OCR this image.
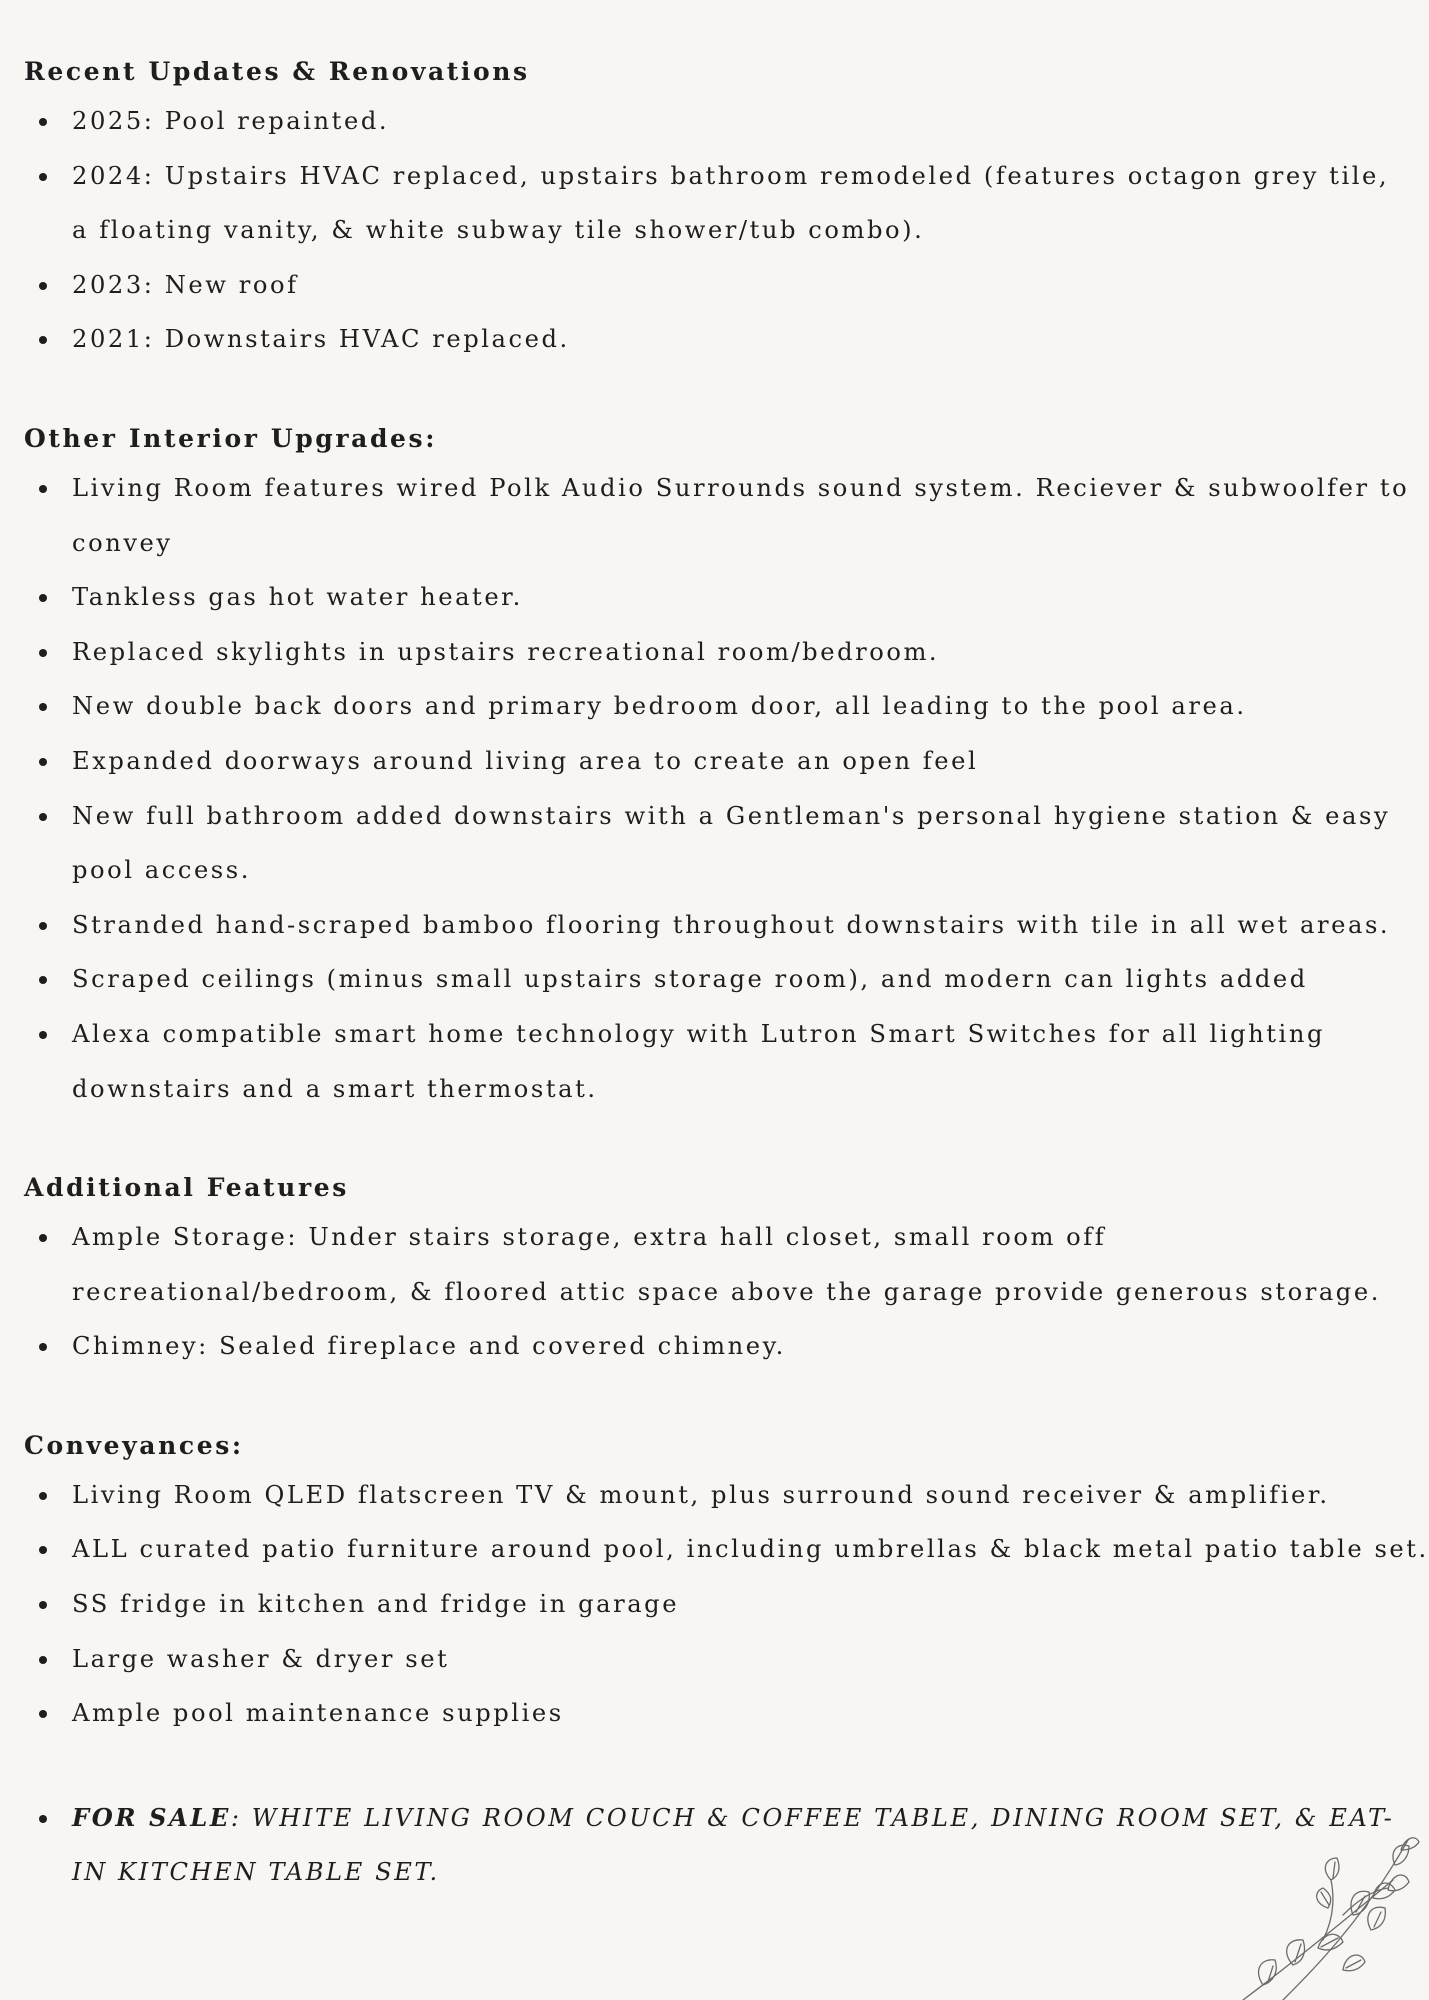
Recent Updates & Renovations
2025: Pool repainted.
2024: Upstairs HVAC replaced, upstairs bathroom remodeled (features octagon grey tile, a floating vanity, & white subway tile shower/tub combo).
2023: New roof
2021: Downstairs HVAC replaced.
Other Interior Upgrades:
Living Room features wired Polk Audio Surrounds sound system. Reciever & subwoolfer to convey
Tankless gas hot water heater.
Replaced skylights in upstairs recreational room/bedroom.
New double back doors and primary bedroom door, all leading to the pool area.
Expanded doorways around living area to create an open feel
New full bathroom added downstairs with a Gentleman's personal hygiene station & easy pool access.
Stranded hand-scraped bamboo flooring throughout downstairs with tile in all wet areas.
Scraped ceilings (minus small upstairs storage room), and modern can lights added
Alexa compatible smart home technology with Lutron Smart Switches for all lighting downstairs and a smart thermostat.
Additional Features
Ample Storage: Under stairs storage, extra hall closet, small room off recreational/bedroom, & floored attic space above the garage provide generous storage.
Chimney: Sealed fireplace and covered chimney.
Conveyances:
Living Room QLED flatscreen TV & mount, plus surround sound receiver & amplifier.
ALL curated patio furniture around pool, including umbrellas & black metal patio table set.
SS fridge in kitchen and fridge in garage
Large washer & dryer set
Ample pool maintenance supplies
FOR SALE: WHITE LIVING ROOM COUCH & COFFEE TABLE, DINING ROOM SET, & EAT-IN KITCHEN TABLE SET.
